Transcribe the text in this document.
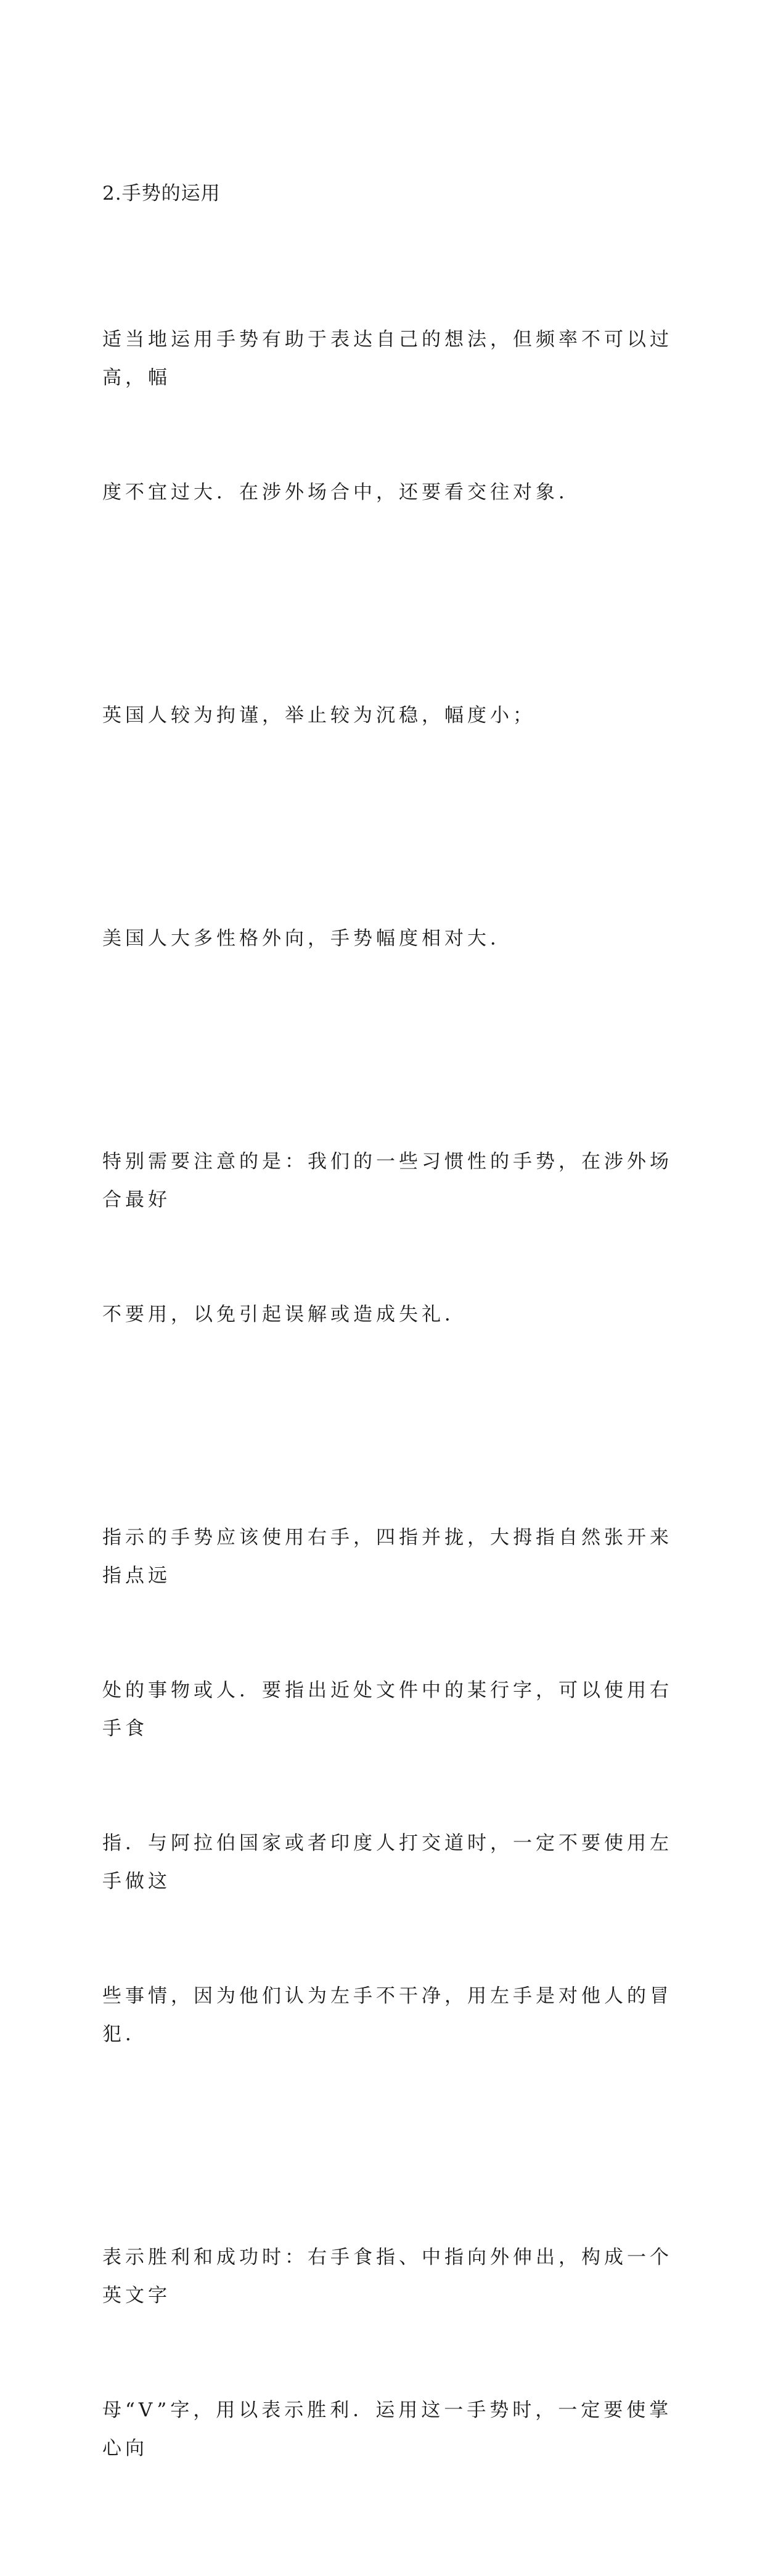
2.手势的运用

适当地运用手势有助于表达自己的想法，但频率不可以过高，幅

度不宜过大．在涉外场合中，还要看交往对象．

英国人较为拘谨，举止较为沉稳，幅度小；

美国人大多性格外向，手势幅度相对大．

特别需要注意的是：我们的一些习惯性的手势，在涉外场合最好

不要用，以免引起误解或造成失礼．

指示的手势应该使用右手，四指并拢，大拇指自然张开来指点远

处的事物或人．要指出近处文件中的某行字，可以使用右手食

指．与阿拉伯国家或者印度人打交道时，一定不要使用左手做这

些事情，因为他们认为左手不干净，用左手是对他人的冒犯．

表示胜利和成功时：右手食指、中指向外伸出，构成一个英文字

母“V”字，用以表示胜利．运用这一手势时，一定要使掌心向
